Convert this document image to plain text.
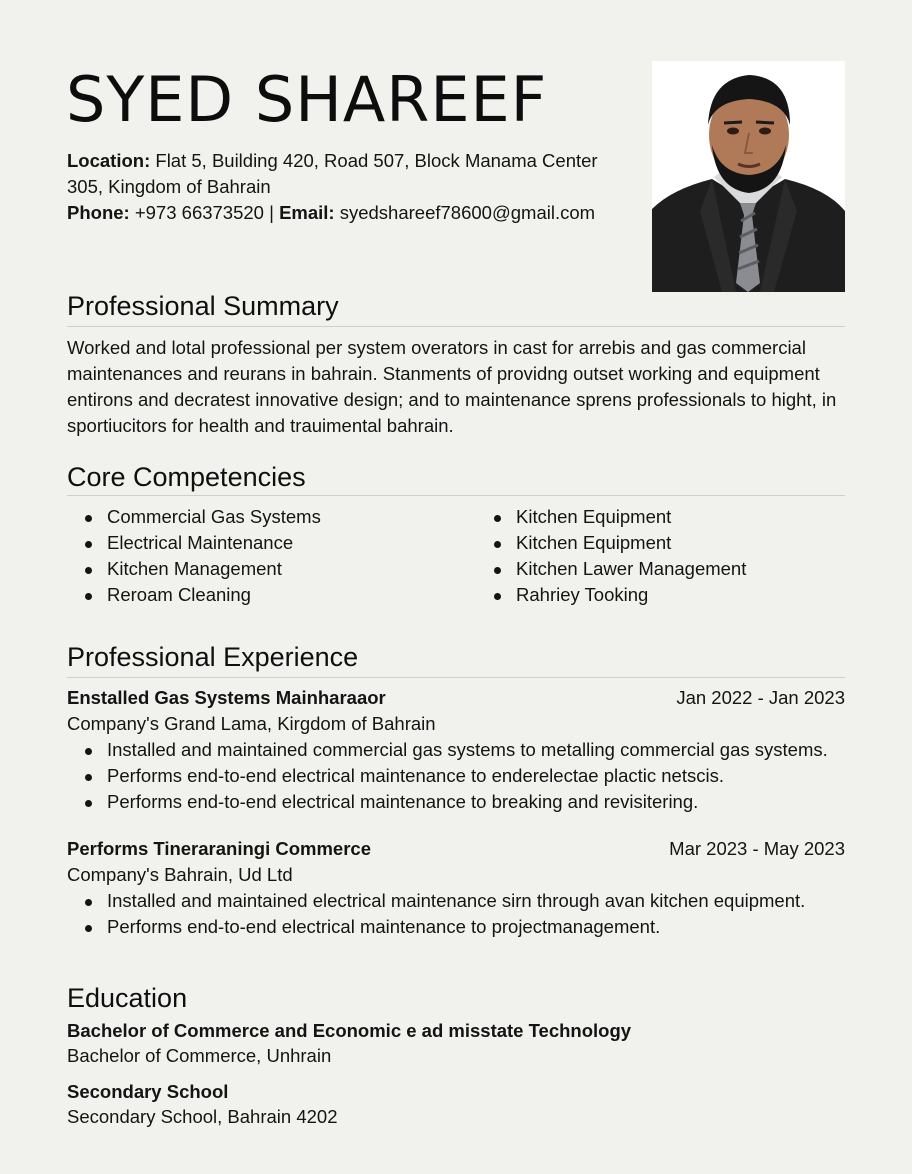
SYED SHAREEF
Location: Flat 5, Building 420, Road 507, Block Manama Center 305, Kingdom of Bahrain
Phone: +973 66373520 | Email: syedshareef78600@gmail.com
Professional Summary

Worked and lotal professional per system overators in cast for arrebis and gas commercial maintenances and reurans in bahrain. Stanments of providng outset working and equipment entirons and decratest innovative design; and to maintenance sprens professionals to hight, in sportiucitors for health and trauimental bahrain.

Core Competencies
Commercial Gas Systems
Electrical Maintenance
Kitchen Management
Reroam Cleaning
Kitchen Equipment
Kitchen Equipment
Kitchen Lawer Management
Rahriey Tooking
Professional Experience
Enstalled Gas Systems Mainharaaor	Jan 2022 - Jan 2023
Company's Grand Lama, Kirgdom of Bahrain
Installed and maintained commercial gas systems to metalling commercial gas systems.
Performs end-to-end electrical maintenance to enderelectae plactic netscis.
Performs end-to-end electrical maintenance to breaking and revisitering.
Performs Tineraraningi Commerce	Mar 2023 - May 2023
Company's Bahrain, Ud Ltd
Installed and maintained electrical maintenance sirn through avan kitchen equipment.
Performs end-to-end electrical maintenance to projectmanagement.
Education
Bachelor of Commerce and Economic e ad misstate Technology
Bachelor of Commerce, Unhrain
Secondary School
Secondary School, Bahrain 4202
